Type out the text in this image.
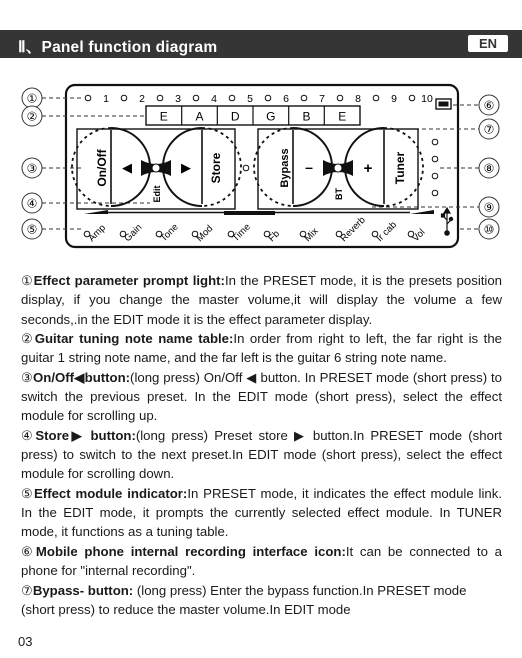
Ⅱ、Panel function diagram	EN
①
②
③
④
⑤
⑥
⑦
⑧
⑨
⑩
1	2	3	4	5	6	7	8	9 10
E A D G B E
Edit	BT
On/Off ◀	▶ Store	Bypass –	+ Tuner
Amp Gain Tone Mod Time Fb Mix Reverb Ir cab Vol

①Effect parameter prompt light:In the PRESET mode, it is the presets position display, if you change the master volume,it will display the volume a few seconds,.in the EDIT mode it is the effect parameter display.

②Guitar tuning note name table:In order from right to left, the far right is the guitar 1 string note name, and the far left is the guitar 6 string note name.

③On/Off◀button:(long press) On/Off ◀ button. In PRESET mode (short press) to switch the previous preset. In the EDIT mode (short press), select the effect module for scrolling up.

④Store▶ button:(long press) Preset store ▶ button.In PRESET mode (short press) to switch to the next preset.In EDIT mode (short press), select the effect module for scrolling down.

⑤Effect module indicator:In PRESET mode, it indicates the effect module link. In the EDIT mode, it prompts the currently selected effect module. In TUNER mode, it functions as a tuning table.

⑥Mobile phone internal recording interface icon:It can be connected to a phone for "internal recording".

⑦Bypass- button: (long press) Enter the bypass function.In PRESET mode (short press) to reduce the master volume.In EDIT mode

03
